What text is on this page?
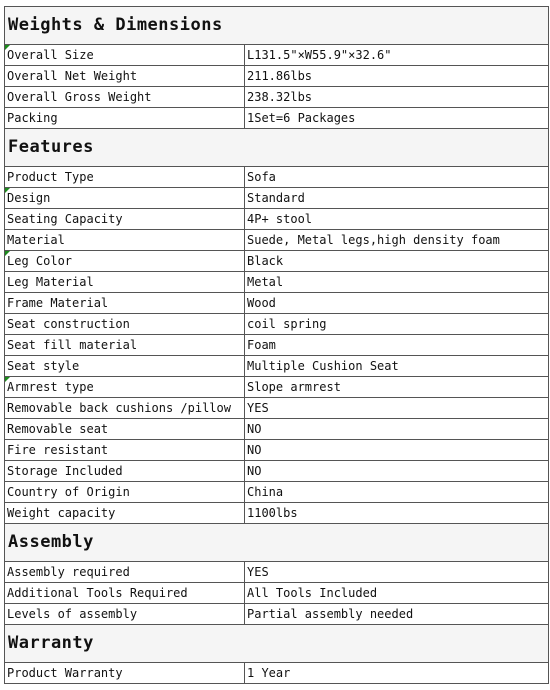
Weights & Dimensions	
Overall Size	L131.5"×W55.9"×32.6"
Overall Net Weight	211.86lbs
Overall Gross Weight	238.32lbs
Packing	1Set=6 Packages
Features	
Product Type	Sofa
Design	Standard
Seating Capacity	4P+ stool
Material	Suede, Metal legs,high density foam
Leg Color	Black
Leg Material	Metal
Frame Material	Wood
Seat construction	coil spring
Seat fill material	Foam
Seat style	Multiple Cushion Seat
Armrest type	Slope armrest
Removable back cushions /pillow	YES
Removable seat	NO
Fire resistant	NO
Storage Included	NO
Country of Origin	China
Weight capacity	1100lbs
Assembly	
Assembly required	YES
Additional Tools Required	All Tools Included
Levels of assembly	Partial assembly needed
Warranty	
Product Warranty	1 Year
